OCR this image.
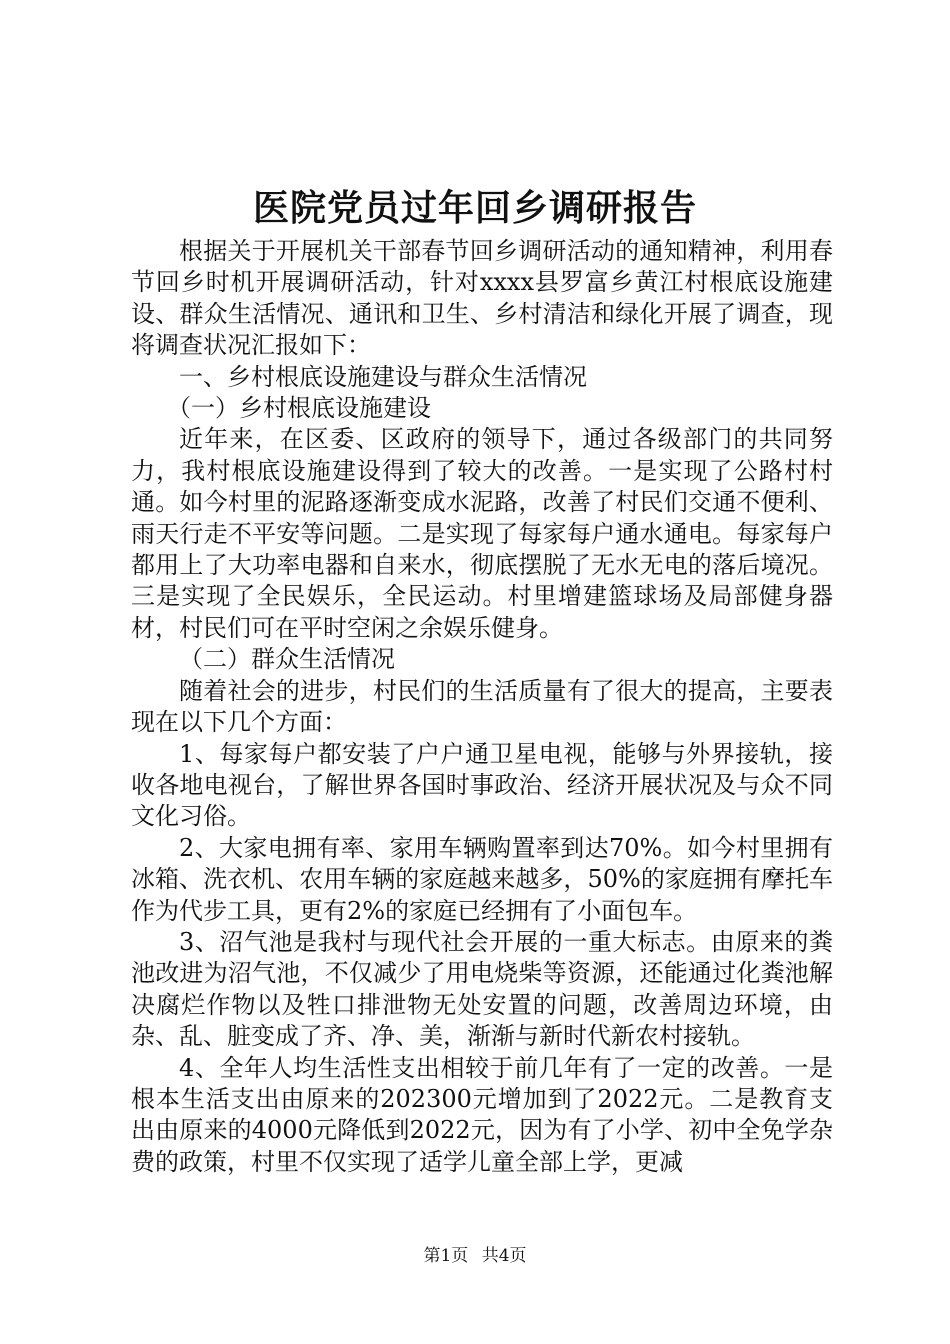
医院党员过年回乡调研报告

根据关于开展机关干部春节回乡调研活动的通知精神，利用春节回乡时机开展调研活动，针对xxxx县罗富乡黄江村根底设施建设、群众生活情况、通讯和卫生、乡村清洁和绿化开展了调查，现将调查状况汇报如下：

一、乡村根底设施建设与群众生活情况

（一）乡村根底设施建设

近年来，在区委、区政府的领导下，通过各级部门的共同努力，我村根底设施建设得到了较大的改善。一是实现了公路村村通。如今村里的泥路逐渐变成水泥路，改善了村民们交通不便利、雨天行走不平安等问题。二是实现了每家每户通水通电。每家每户都用上了大功率电器和自来水，彻底摆脱了无水无电的落后境况。三是实现了全民娱乐，全民运动。村里增建篮球场及局部健身器材，村民们可在平时空闲之余娱乐健身。

（二）群众生活情况

随着社会的进步，村民们的生活质量有了很大的提高，主要表现在以下几个方面：

1、每家每户都安装了户户通卫星电视，能够与外界接轨，接收各地电视台，了解世界各国时事政治、经济开展状况及与众不同文化习俗。

2、大家电拥有率、家用车辆购置率到达70%。如今村里拥有冰箱、洗衣机、农用车辆的家庭越来越多，50%的家庭拥有摩托车作为代步工具，更有2%的家庭已经拥有了小面包车。

3、沼气池是我村与现代社会开展的一重大标志。由原来的粪池改进为沼气池，不仅减少了用电烧柴等资源，还能通过化粪池解决腐烂作物以及牲口排泄物无处安置的问题，改善周边环境，由杂、乱、脏变成了齐、净、美，渐渐与新时代新农村接轨。

4、全年人均生活性支出相较于前几年有了一定的改善。一是根本生活支出由原来的202300元增加到了2022元。二是教育支出由原来的4000元降低到2022元，因为有了小学、初中全免学杂费的政策，村里不仅实现了适学儿童全部上学，更减

第1页 共4页
